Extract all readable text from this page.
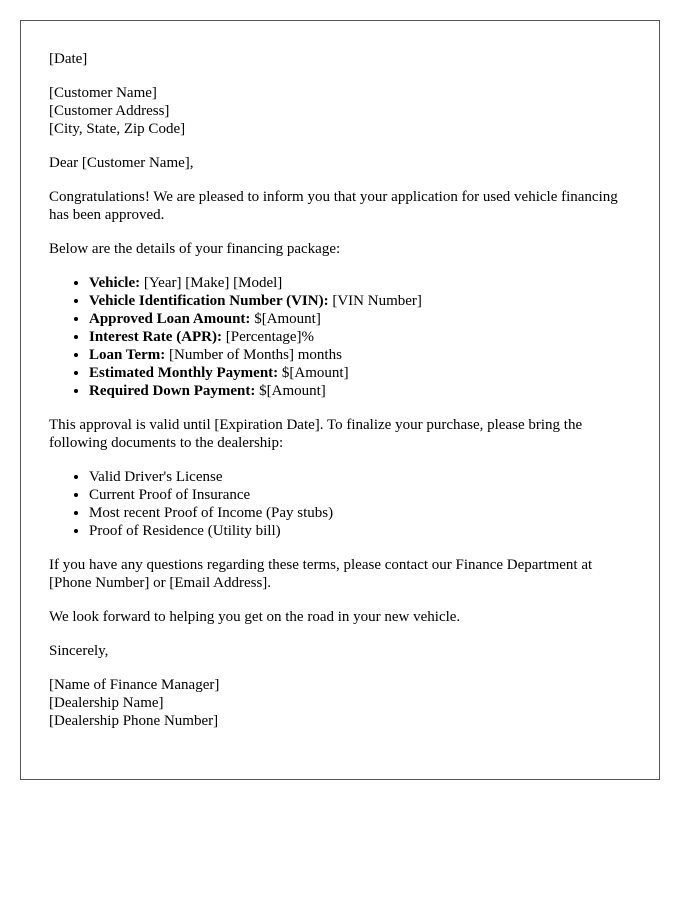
[Date]

[Customer Name]
[Customer Address]
[City, State, Zip Code]

Dear [Customer Name],

Congratulations! We are pleased to inform you that your application for used vehicle financing has been approved.

Below are the details of your financing package:

• Vehicle: [Year] [Make] [Model]
• Vehicle Identification Number (VIN): [VIN Number]
• Approved Loan Amount: $[Amount]
• Interest Rate (APR): [Percentage]%
• Loan Term: [Number of Months] months
• Estimated Monthly Payment: $[Amount]
• Required Down Payment: $[Amount]

This approval is valid until [Expiration Date]. To finalize your purchase, please bring the following documents to the dealership:

• Valid Driver's License
• Current Proof of Insurance
• Most recent Proof of Income (Pay stubs)
• Proof of Residence (Utility bill)

If you have any questions regarding these terms, please contact our Finance Department at [Phone Number] or [Email Address].

We look forward to helping you get on the road in your new vehicle.

Sincerely,

[Name of Finance Manager]
[Dealership Name]
[Dealership Phone Number]
